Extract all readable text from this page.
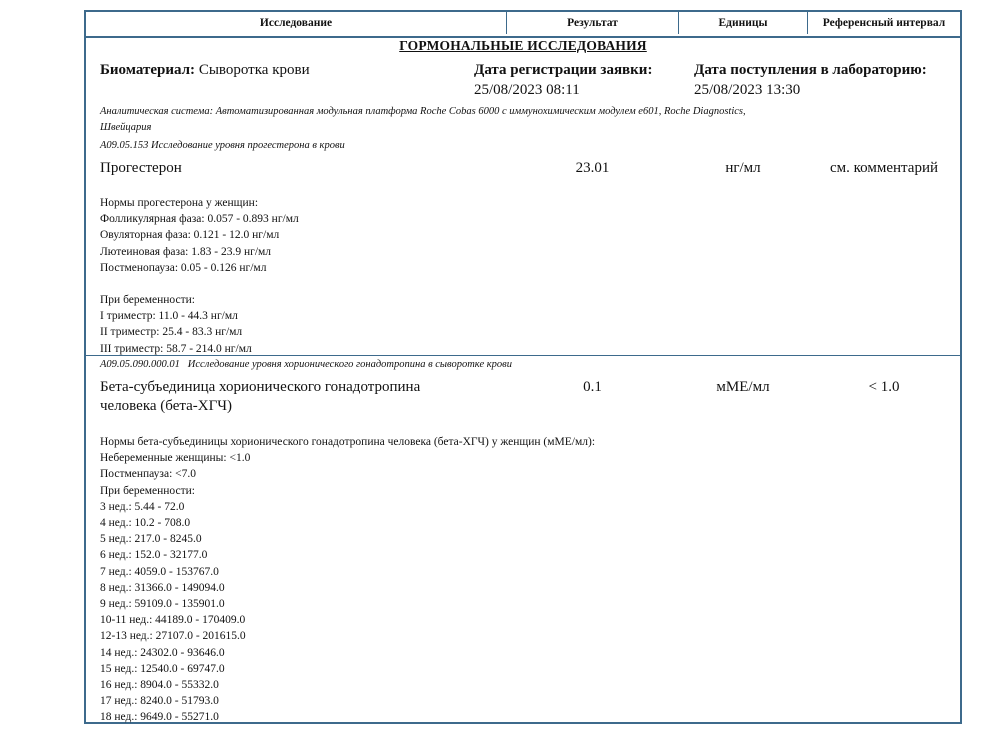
Исследование	Результат	Единицы	Референсный интервал
ГОРМОНАЛЬНЫЕ ИССЛЕДОВАНИЯ
Биоматериал: Сыворотка крови	Дата регистрации заявки:
25/08/2023 08:11
Дата поступления в лабораторию:
25/08/2023 13:30
Аналитическая система: Автоматизированная модульная платформа Roche Cobas 6000 с иммунохимическим модулем e601, Roche Diagnostics,
Швейцария
A09.05.153 Исследование уровня прогестерона в крови
Прогестерон	23.01	нг/мл	см. комментарий
Нормы прогестерона у женщин:
Фолликулярная фаза: 0.057 - 0.893 нг/мл
Овуляторная фаза: 0.121 - 12.0 нг/мл
Лютеиновая фаза: 1.83 - 23.9 нг/мл
Постменопауза: 0.05 - 0.126 нг/мл
При беременности:
I триместр: 11.0 - 44.3 нг/мл
II триместр: 25.4 - 83.3 нг/мл
III триместр: 58.7 - 214.0 нг/мл
A09.05.090.000.01 Исследование уровня хорионического гонадотропина в сыворотке крови
Бета-субъединица хорионического гонадотропина
человека (бета-ХГЧ)
0.1	мМЕ/мл	< 1.0
Нормы бета-субъединицы хорионического гонадотропина человека (бета-ХГЧ) у женщин (мМЕ/мл):
Небеременные женщины: <1.0
Постменпауза: <7.0
При беременности:
3 нед.: 5.44 - 72.0
4 нед.: 10.2 - 708.0
5 нед.: 217.0 - 8245.0
6 нед.: 152.0 - 32177.0
7 нед.: 4059.0 - 153767.0
8 нед.: 31366.0 - 149094.0
9 нед.: 59109.0 - 135901.0
10-11 нед.: 44189.0 - 170409.0
12-13 нед.: 27107.0 - 201615.0
14 нед.: 24302.0 - 93646.0
15 нед.: 12540.0 - 69747.0
16 нед.: 8904.0 - 55332.0
17 нед.: 8240.0 - 51793.0
18 нед.: 9649.0 - 55271.0
